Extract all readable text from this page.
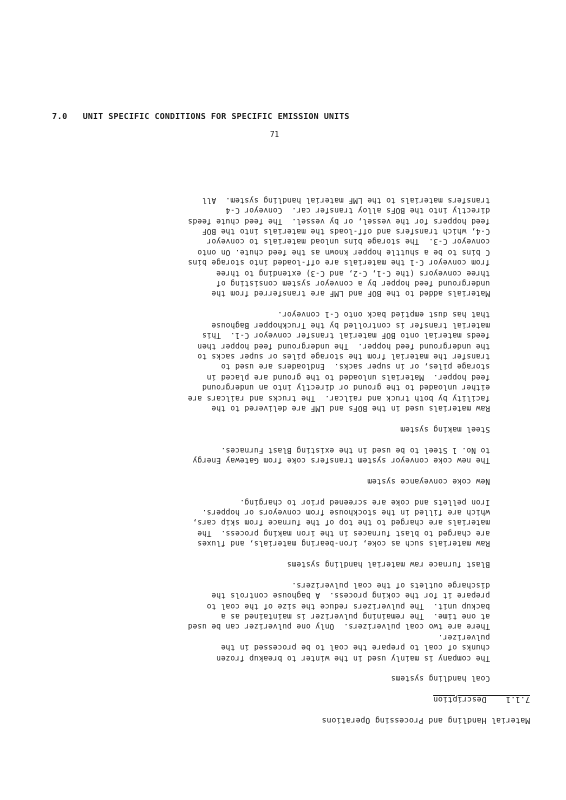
7.0   UNIT SPECIFIC CONDITIONS FOR SPECIFIC EMISSION UNITS
71
Material Handling and Processing Operations
7.1.1    Description
Coal handling systems
The company is mainly used in the winter to breakup frozen
chunks of coal to prepare the coal to be processed in the
pulverizer.
There are two coal pulverizers.  Only one pulverizer can be used
at one time.  The remaining pulverizer is maintained as a
backup unit.  The pulverizers reduce the size of the coal to
prepare it for the coking process.  A baghouse controls the
discharge outlets of the coal pulverizers.
Blast furnace raw material handling systems
Raw materials such as coke, iron-bearing materials, and fluxes
are charged to blast furnaces in the iron making process.  The
materials are charged to the top of the furnace from skip cars,
which are filled in the stockhouse from conveyors or hoppers.
Iron pellets and coke are screened prior to charging.
New coke conveyance system
The new coke conveyor system transfers coke from Gateway Energy
to No. 1 Steel to be used in the existing Blast Furnaces.
Steel making system
Raw materials used in the BOFs and LMF are delivered to the
facility by both truck and railcar.  The trucks and railcars are
either unloaded to the ground or directly into an underground
feed hopper.  Materials unloaded to the ground are placed in
storage piles, or in super sacks.  Endloaders are used to
transfer the material from the storage piles or super sacks to
the underground feed hopper.  The underground feed hopper then
feeds material onto BOF material transfer conveyor C-1.  This
material transfer is controlled by the Truckhopper Baghouse
that has dust emptied back onto C-1 conveyor.
Materials added to the BOF and LMF are transferred from the
underground feed hopper by a conveyor system consisting of
three conveyors (the C-1, C-2, and C-3) extending to three
from conveyor C-1 the materials are off-loaded into storage bins
C bins to be a shuttle hopper known as the feed chute. On onto
conveyor C-3.  The storage bins unload materials to conveyor
C-4, which transfers and off-loads the materials into the BOF
feed hoppers for the vessel, or by vessel.  The feed chute feeds
directly into the BOFs alloy transfer car.  Conveyor C-4
transfers materials to the LMF material handling system.  All
